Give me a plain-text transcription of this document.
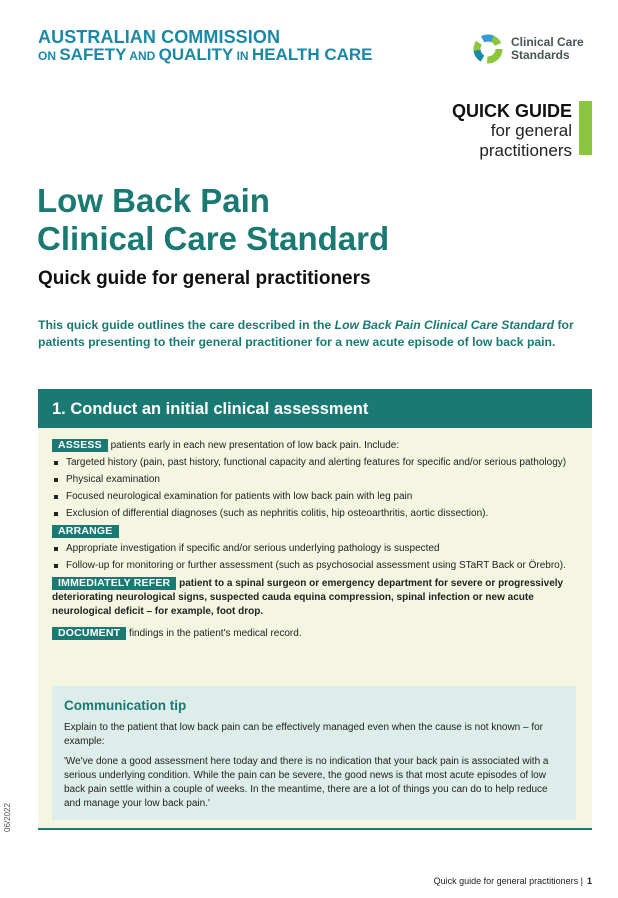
AUSTRALIAN COMMISSION
ON SAFETY AND QUALITY IN HEALTH CARE
Clinical Care
Standards
QUICK GUIDE
for general
practitioners
Low Back Pain
Clinical Care Standard
Quick guide for general practitioners
This quick guide outlines the care described in the Low Back Pain Clinical Care Standard for patients presenting to their general practitioner for a new acute episode of low back pain.
1. Conduct an initial clinical assessment
ASSESS patients early in each new presentation of low back pain. Include:
Targeted history (pain, past history, functional capacity and alerting features for specific and/or serious pathology)
Physical examination
Focused neurological examination for patients with low back pain with leg pain
Exclusion of differential diagnoses (such as nephritis colitis, hip osteoarthritis, aortic dissection).
ARRANGE
Appropriate investigation if specific and/or serious underlying pathology is suspected
Follow-up for monitoring or further assessment (such as psychosocial assessment using STaRT Back or Örebro).
IMMEDIATELY REFER patient to a spinal surgeon or emergency department for severe or progressively deteriorating neurological signs, suspected cauda equina compression, spinal infection or new acute neurological deficit – for example, foot drop.
DOCUMENT findings in the patient's medical record.
Communication tip

Explain to the patient that low back pain can be effectively managed even when the cause is not known – for example:

'We've done a good assessment here today and there is no indication that your back pain is associated with a serious underlying condition. While the pain can be severe, the good news is that most acute episodes of low back pain settle within a couple of weeks. In the meantime, there are a lot of things you can do to help reduce and manage your low back pain.'

06/2022
Quick guide for general practitioners | 1
